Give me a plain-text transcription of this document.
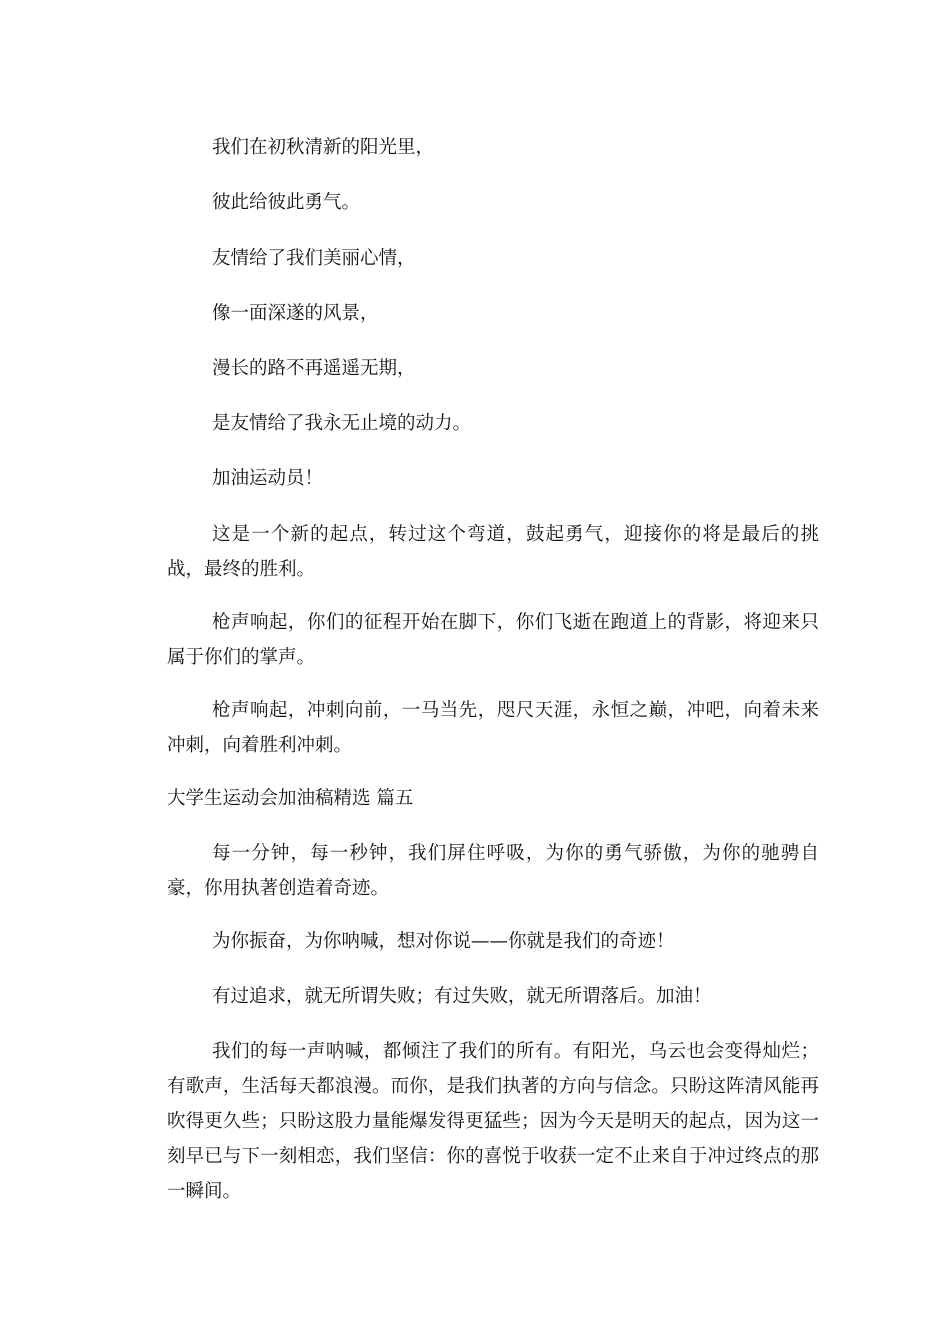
我们在初秋清新的阳光里，
彼此给彼此勇气。
友情给了我们美丽心情，
像一面深遂的风景，
漫长的路不再遥遥无期，
是友情给了我永无止境的动力。
加油运动员！
这是一个新的起点，转过这个弯道，鼓起勇气，迎接你的将是最后的挑战，最终的胜利。
枪声响起，你们的征程开始在脚下，你们飞逝在跑道上的背影，将迎来只属于你们的掌声。
枪声响起，冲刺向前，一马当先，咫尺天涯，永恒之巅，冲吧，向着未来冲刺，向着胜利冲刺。
大学生运动会加油稿精选 篇五
每一分钟，每一秒钟，我们屏住呼吸，为你的勇气骄傲，为你的驰骋自豪，你用执著创造着奇迹。
为你振奋，为你呐喊，想对你说——你就是我们的奇迹！
有过追求，就无所谓失败；有过失败，就无所谓落后。加油！
我们的每一声呐喊，都倾注了我们的所有。有阳光，乌云也会变得灿烂；有歌声，生活每天都浪漫。而你，是我们执著的方向与信念。只盼这阵清风能再吹得更久些；只盼这股力量能爆发得更猛些；因为今天是明天的起点，因为这一刻早已与下一刻相恋，我们坚信：你的喜悦于收获一定不止来自于冲过终点的那一瞬间。
